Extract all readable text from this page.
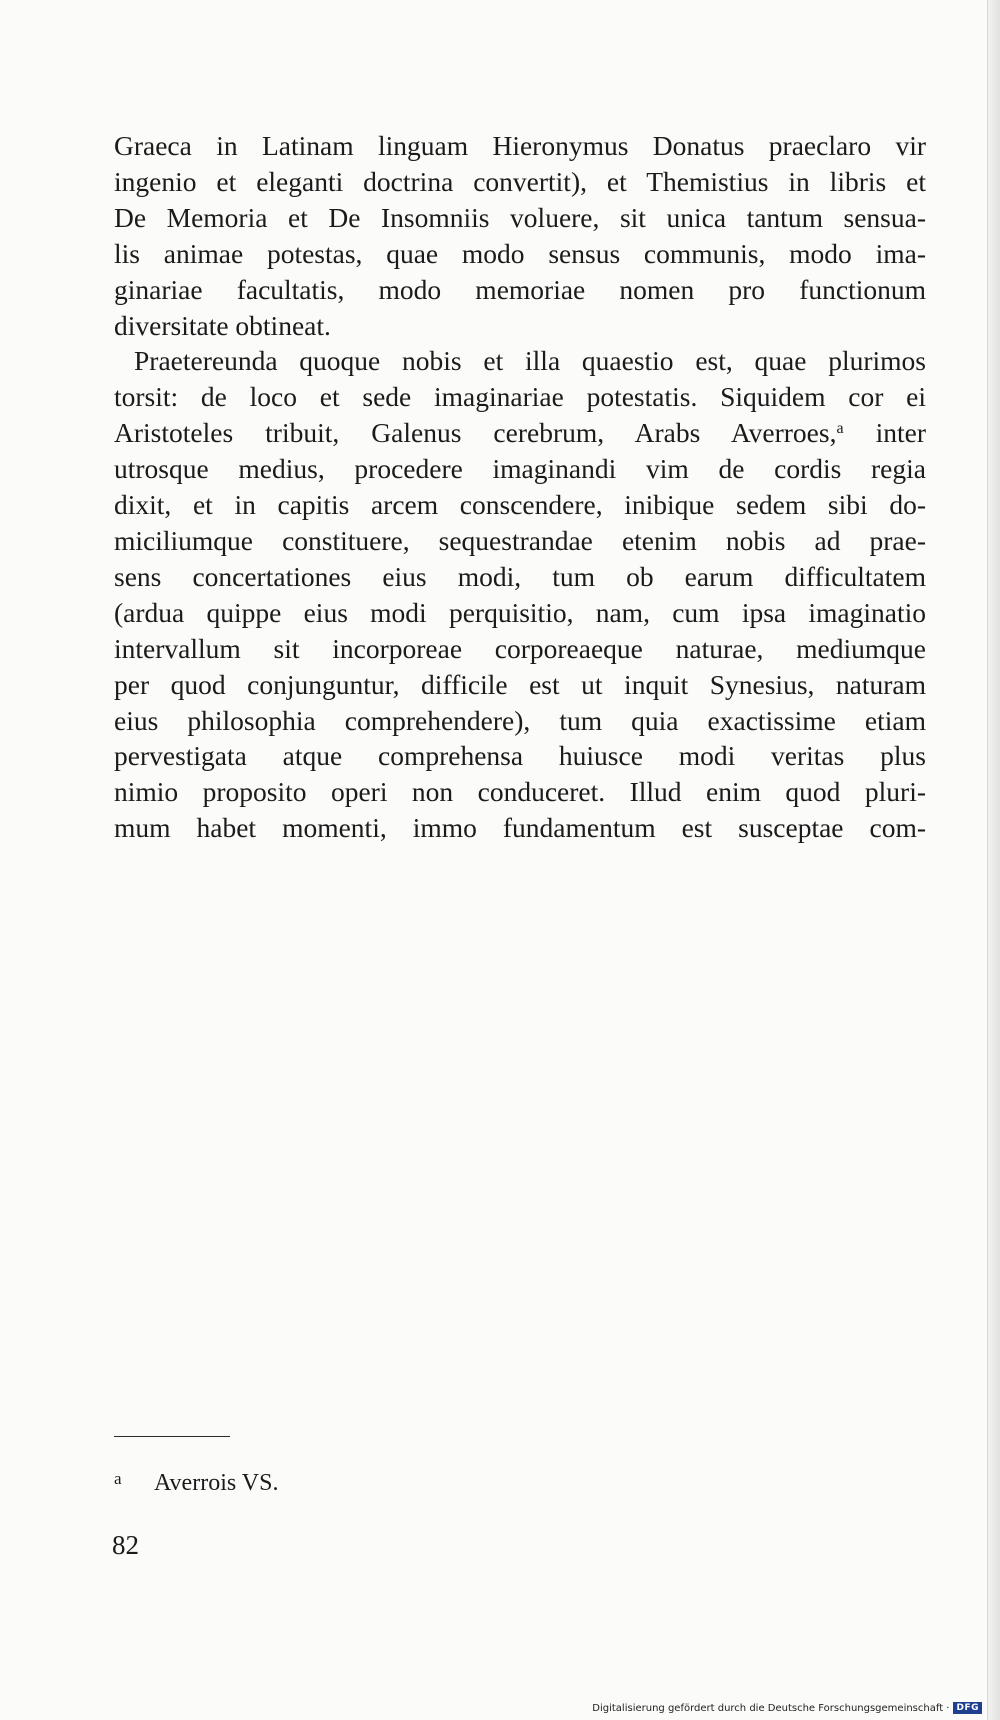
Graeca in Latinam linguam Hieronymus Donatus praeclaro vir
ingenio et eleganti doctrina convertit), et Themistius in libris et
De Memoria et De Insomniis voluere, sit unica tantum sensua-
lis animae potestas, quae modo sensus communis, modo ima-
ginariae facultatis, modo memoriae nomen pro functionum
diversitate obtineat.
Praetereunda quoque nobis et illa quaestio est, quae plurimos
torsit: de loco et sede imaginariae potestatis. Siquidem cor ei
Aristoteles tribuit, Galenus cerebrum, Arabs Averroes,$^a$ inter
utrosque medius, procedere imaginandi vim de cordis regia
dixit, et in capitis arcem conscendere, inibique sedem sibi do-
miciliumque constituere, sequestrandae etenim nobis ad prae-
sens concertationes eius modi, tum ob earum difficultatem
(ardua quippe eius modi perquisitio, nam, cum ipsa imaginatio
intervallum sit incorporeae corporeaeque naturae, mediumque
per quod conjunguntur, difficile est ut inquit Synesius, naturam
eius philosophia comprehendere), tum quia exactissime etiam
pervestigata atque comprehensa huiusce modi veritas plus
nimio proposito operi non conduceret. Illud enim quod pluri-
mum habet momenti, immo fundamentum est susceptae com-
a Averrois VS.
82
Digitalisierung gefördert durch die Deutsche Forschungsgemeinschaft · DFG
